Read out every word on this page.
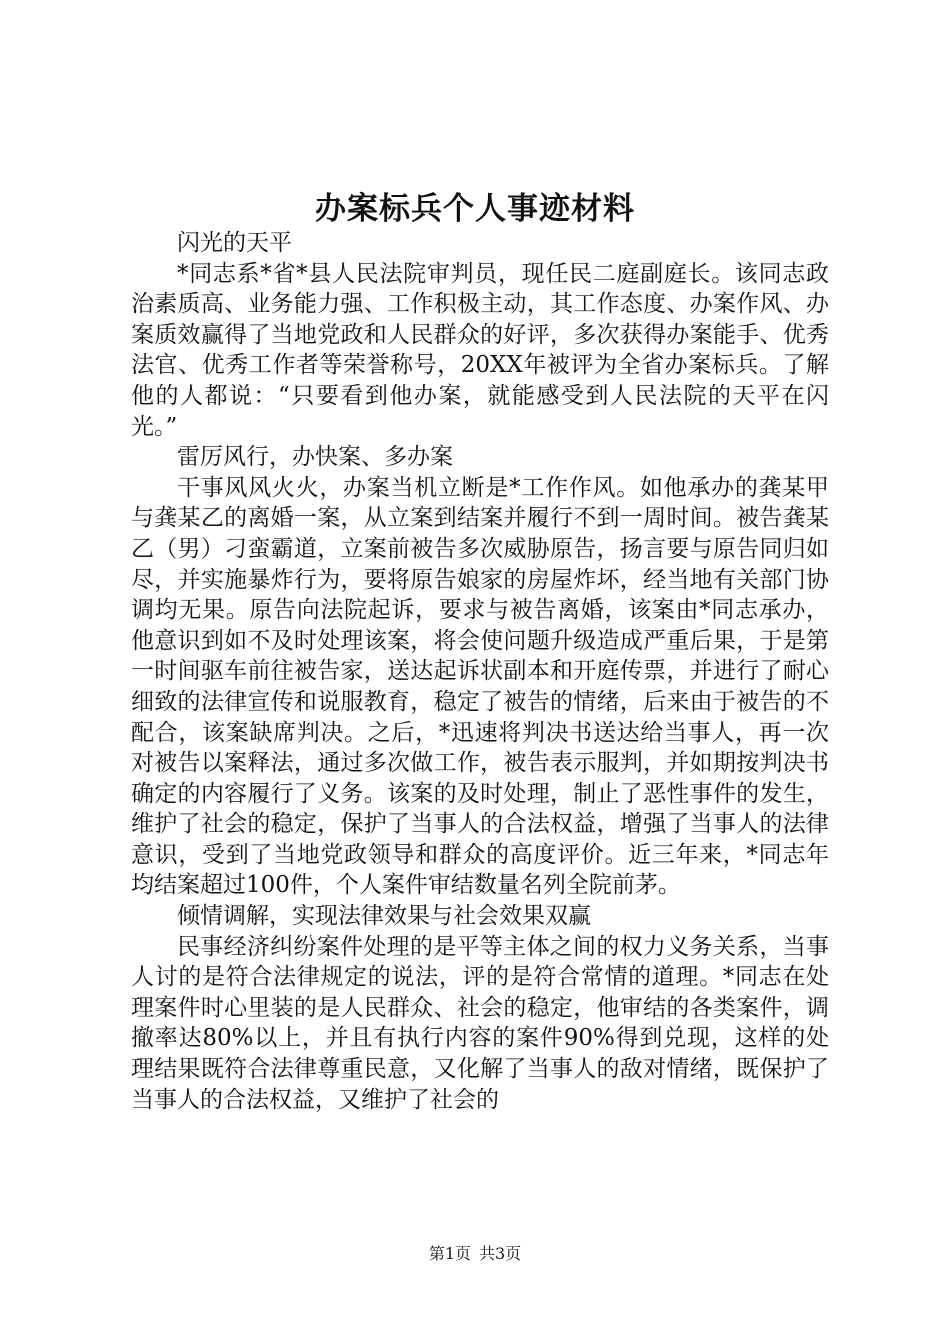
办案标兵个人事迹材料

闪光的天平

*同志系*省*县人民法院审判员，现任民二庭副庭长。该同志政治素质高、业务能力强、工作积极主动，其工作态度、办案作风、办案质效赢得了当地党政和人民群众的好评，多次获得办案能手、优秀法官、优秀工作者等荣誉称号，20XX年被评为全省办案标兵。了解他的人都说：“只要看到他办案，就能感受到人民法院的天平在闪光。”

雷厉风行，办快案、多办案

干事风风火火，办案当机立断是*工作作风。如他承办的龚某甲与龚某乙的离婚一案，从立案到结案并履行不到一周时间。被告龚某乙（男）刁蛮霸道，立案前被告多次威胁原告，扬言要与原告同归如尽，并实施暴炸行为，要将原告娘家的房屋炸坏，经当地有关部门协调均无果。原告向法院起诉，要求与被告离婚，该案由*同志承办，他意识到如不及时处理该案，将会使问题升级造成严重后果，于是第一时间驱车前往被告家，送达起诉状副本和开庭传票，并进行了耐心细致的法律宣传和说服教育，稳定了被告的情绪，后来由于被告的不配合，该案缺席判决。之后，*迅速将判决书送达给当事人，再一次对被告以案释法，通过多次做工作，被告表示服判，并如期按判决书确定的内容履行了义务。该案的及时处理，制止了恶性事件的发生，维护了社会的稳定，保护了当事人的合法权益，增强了当事人的法律意识，受到了当地党政领导和群众的高度评价。近三年来，*同志年均结案超过100件，个人案件审结数量名列全院前茅。

倾情调解，实现法律效果与社会效果双赢

民事经济纠纷案件处理的是平等主体之间的权力义务关系，当事人讨的是符合法律规定的说法，评的是符合常情的道理。*同志在处理案件时心里装的是人民群众、社会的稳定，他审结的各类案件，调撤率达80%以上，并且有执行内容的案件90%得到兑现，这样的处理结果既符合法律尊重民意，又化解了当事人的敌对情绪，既保护了当事人的合法权益，又维护了社会的

第1页 共3页
